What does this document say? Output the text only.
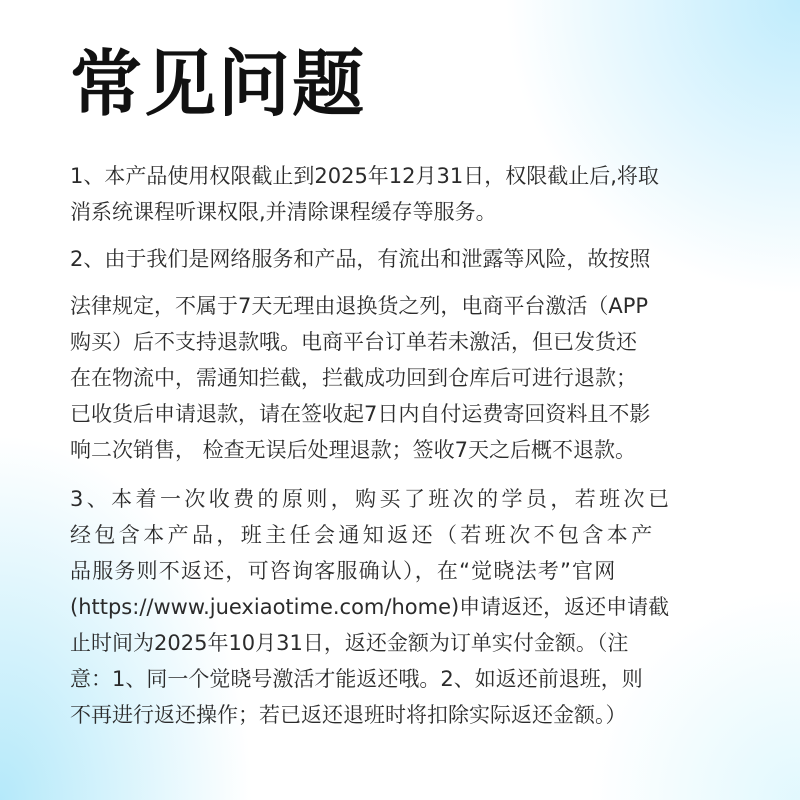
常见问题

1、本产品使用权限截止到2025年12月31日，权限截止后,将取

消系统课程听课权限,并清除课程缓存等服务。

2、由于我们是网络服务和产品，有流出和泄露等风险，故按照

法律规定，不属于7天无理由退换货之列，电商平台激活（APP

购买）后不支持退款哦。电商平台订单若未激活，但已发货还

在在物流中，需通知拦截，拦截成功回到仓库后可进行退款；

已收货后申请退款，请在签收起7日内自付运费寄回资料且不影

响二次销售， 检查无误后处理退款；签收7天之后概不退款。

3、本着一次收费的原则，购买了班次的学员，若班次已

经包含本产品，班主任会通知返还（若班次不包含本产

品服务则不返还，可咨询客服确认），在“觉晓法考”官网

(https://www.juexiaotime.com/home)申请返还，返还申请截

止时间为2025年10月31日，返还金额为订单实付金额。（注

意：1、同一个觉晓号激活才能返还哦。2、如返还前退班，则

不再进行返还操作；若已返还退班时将扣除实际返还金额。）
